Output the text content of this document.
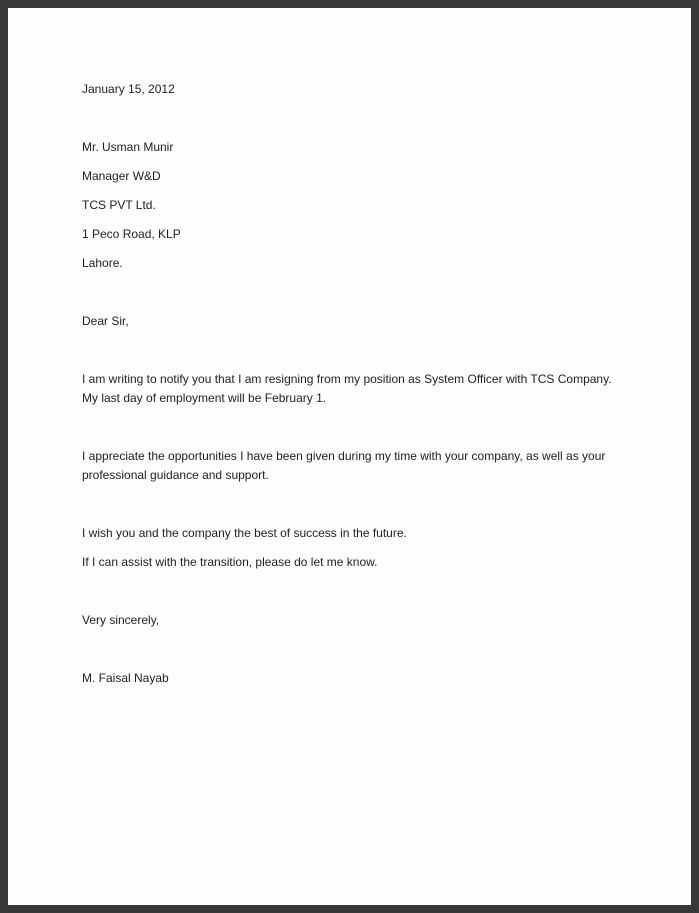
January 15, 2012

Mr. Usman Munir

Manager W&D

TCS PVT Ltd.

1 Peco Road, KLP

Lahore.

Dear Sir,

I am writing to notify you that I am resigning from my position as System Officer with TCS Company. My last day of employment will be February 1.

I appreciate the opportunities I have been given during my time with your company, as well as your professional guidance and support.

I wish you and the company the best of success in the future.

If I can assist with the transition, please do let me know.

Very sincerely,

M. Faisal Nayab
